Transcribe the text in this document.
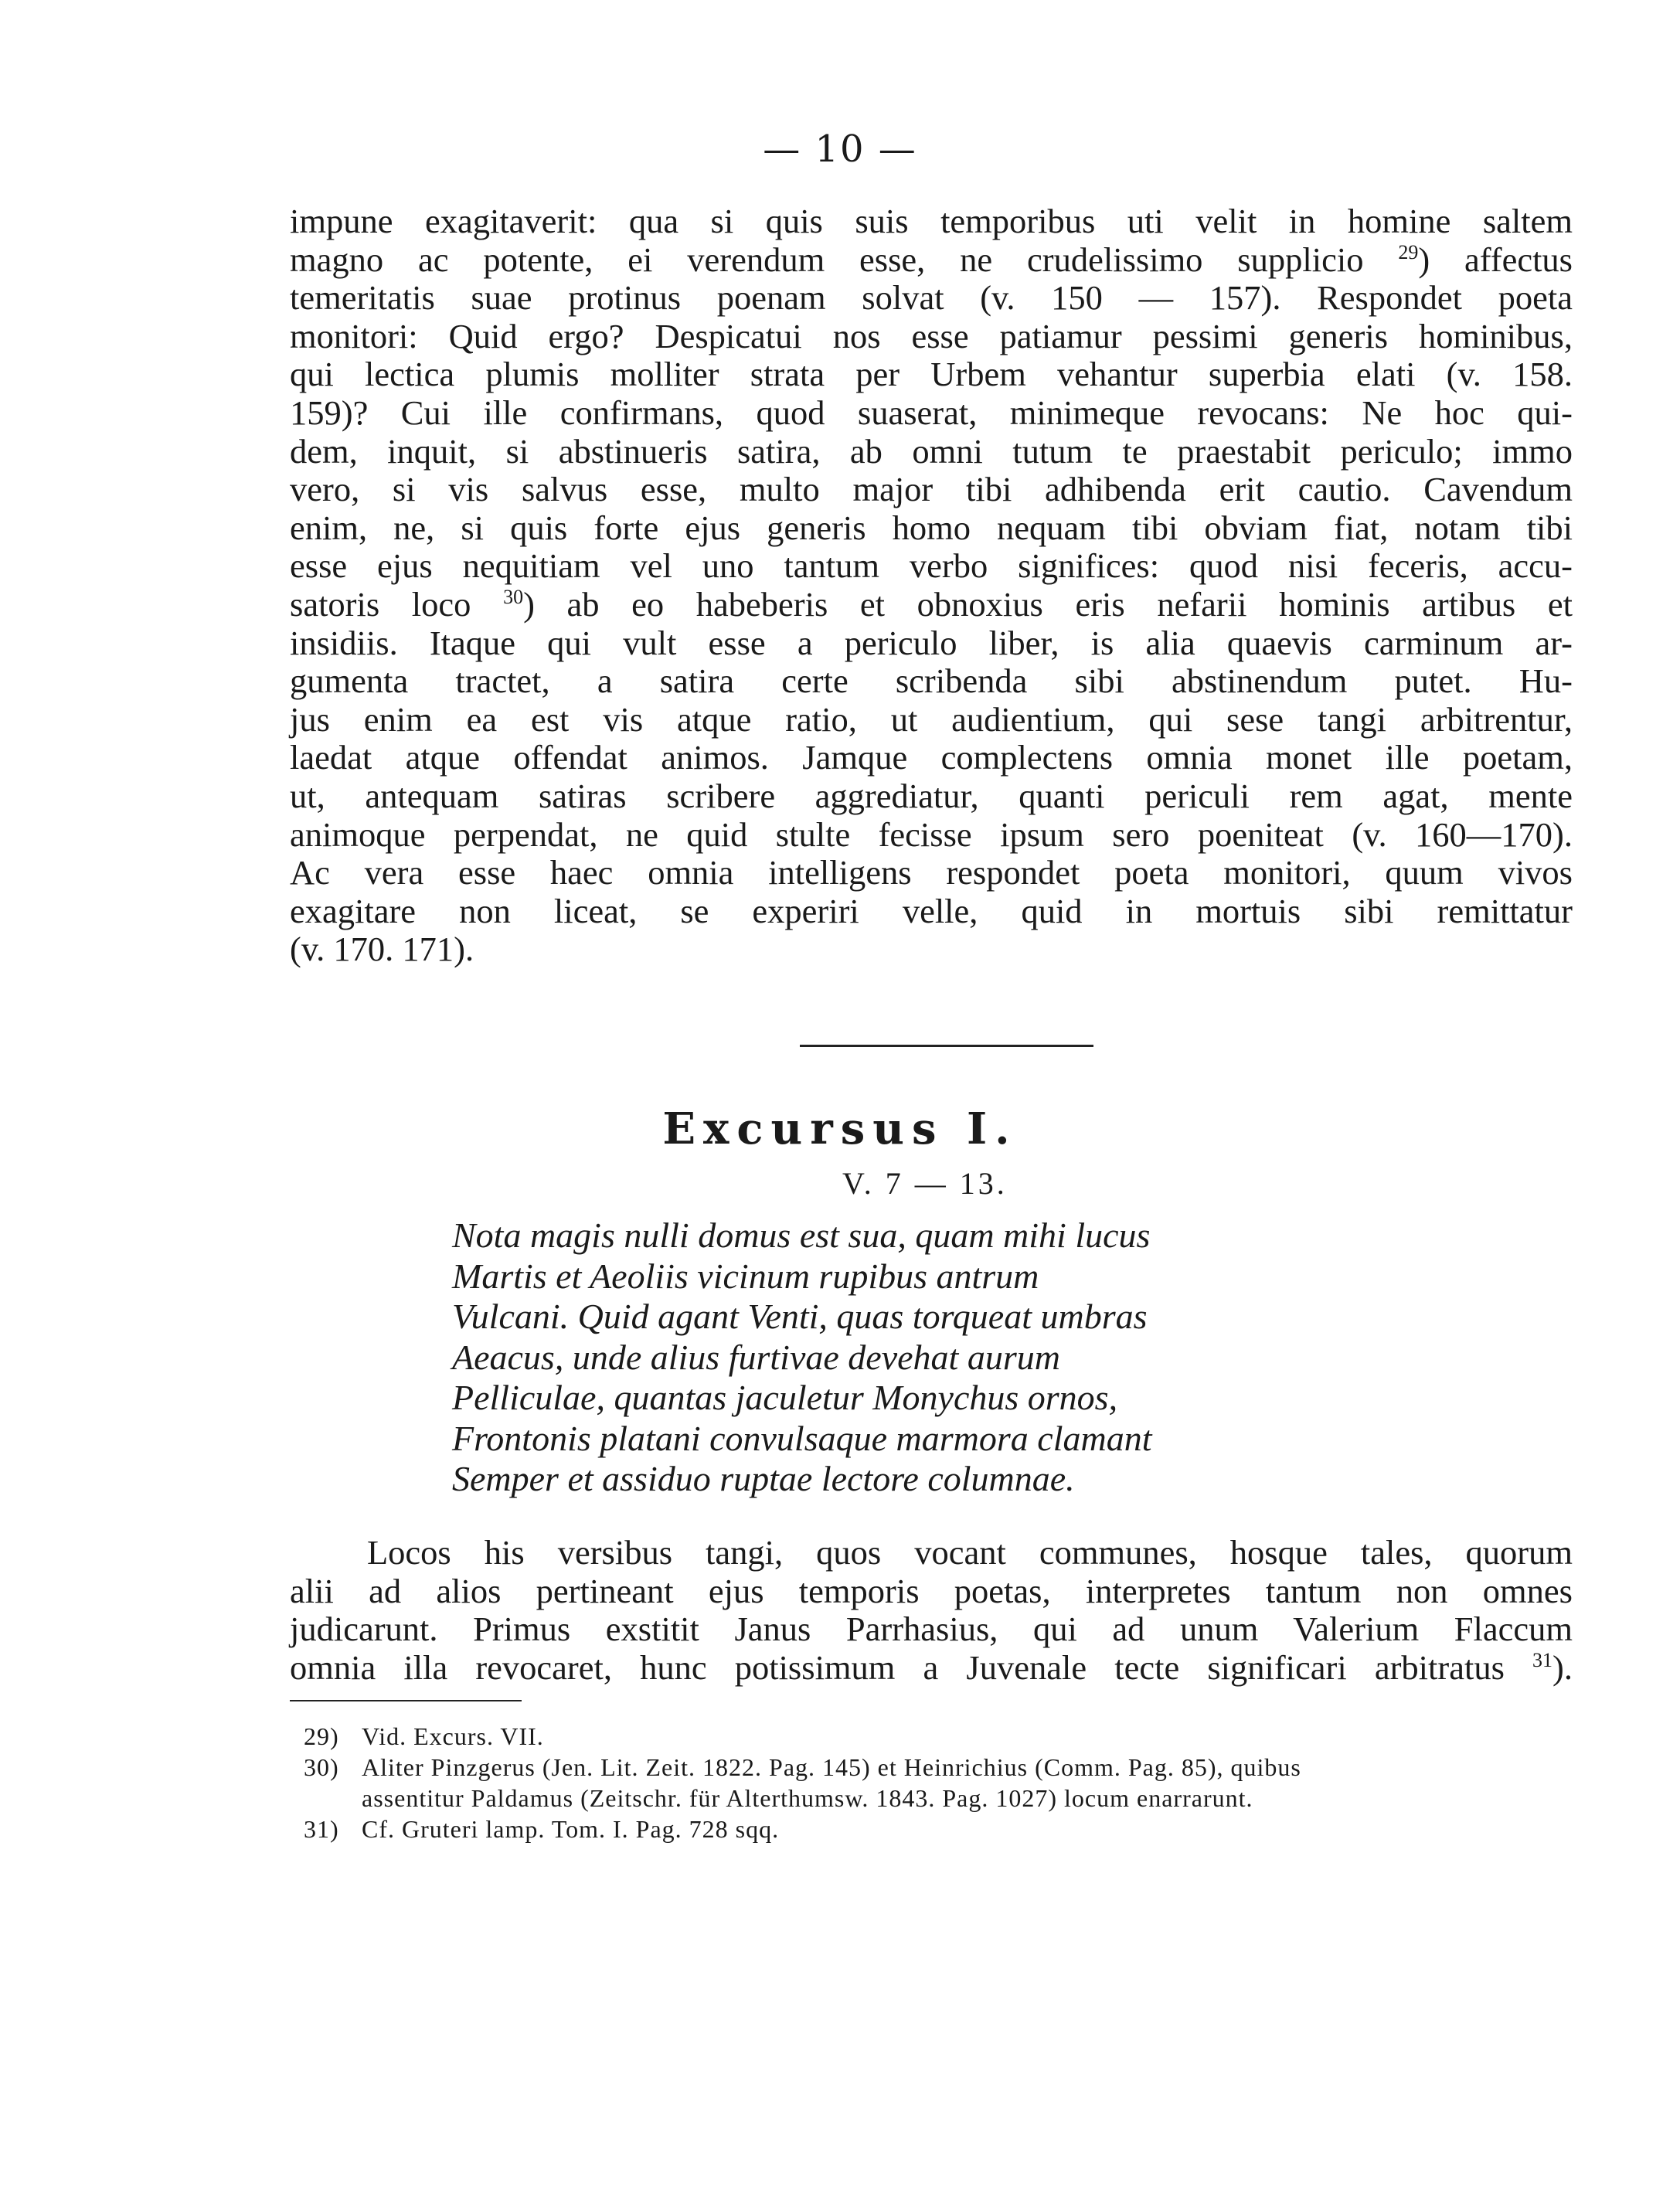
— 10 —
impune exagitaverit: qua si quis suis temporibus uti velit in homine saltem
magno ac potente, ei verendum esse, ne crudelissimo supplicio $^{29}$) affectus
temeritatis suae protinus poenam solvat (v. 150 — 157). Respondet poeta
monitori: Quid ergo? Despicatui nos esse patiamur pessimi generis hominibus,
qui lectica plumis molliter strata per Urbem vehantur superbia elati (v. 158.
159)? Cui ille confirmans, quod suaserat, minimeque revocans: Ne hoc qui-
dem, inquit, si abstinueris satira, ab omni tutum te praestabit periculo; immo
vero, si vis salvus esse, multo major tibi adhibenda erit cautio. Cavendum
enim, ne, si quis forte ejus generis homo nequam tibi obviam fiat, notam tibi
esse ejus nequitiam vel uno tantum verbo significes: quod nisi feceris, accu-
satoris loco $^{30}$) ab eo habeberis et obnoxius eris nefarii hominis artibus et
insidiis. Itaque qui vult esse a periculo liber, is alia quaevis carminum ar-
gumenta tractet, a satira certe scribenda sibi abstinendum putet. Hu-
jus enim ea est vis atque ratio, ut audientium, qui sese tangi arbitrentur,
laedat atque offendat animos. Jamque complectens omnia monet ille poetam,
ut, antequam satiras scribere aggrediatur, quanti periculi rem agat, mente
animoque perpendat, ne quid stulte fecisse ipsum sero poeniteat (v. 160—170).
Ac vera esse haec omnia intelligens respondet poeta monitori, quum vivos
exagitare non liceat, se experiri velle, quid in mortuis sibi remittatur
(v. 170. 171).
Excursus I.
V. 7 — 13.
Nota magis nulli domus est sua, quam mihi lucus
Martis et Aeoliis vicinum rupibus antrum
Vulcani. Quid agant Venti, quas torqueat umbras
Aeacus, unde alius furtivae devehat aurum
Pelliculae, quantas jaculetur Monychus ornos,
Frontonis platani convulsaque marmora clamant
Semper et assiduo ruptae lectore columnae.
Locos his versibus tangi, quos vocant communes, hosque tales, quorum
alii ad alios pertineant ejus temporis poetas, interpretes tantum non omnes
judicarunt. Primus exstitit Janus Parrhasius, qui ad unum Valerium Flaccum
omnia illa revocaret, hunc potissimum a Juvenale tecte significari arbitratus $^{31}$).
29) Vid. Excurs. VII.
30) Aliter Pinzgerus (Jen. Lit. Zeit. 1822. Pag. 145) et Heinrichius (Comm. Pag. 85), quibus
assentitur Paldamus (Zeitschr. für Alterthumsw. 1843. Pag. 1027) locum enarrarunt.
31) Cf. Gruteri lamp. Tom. I. Pag. 728 sqq.
